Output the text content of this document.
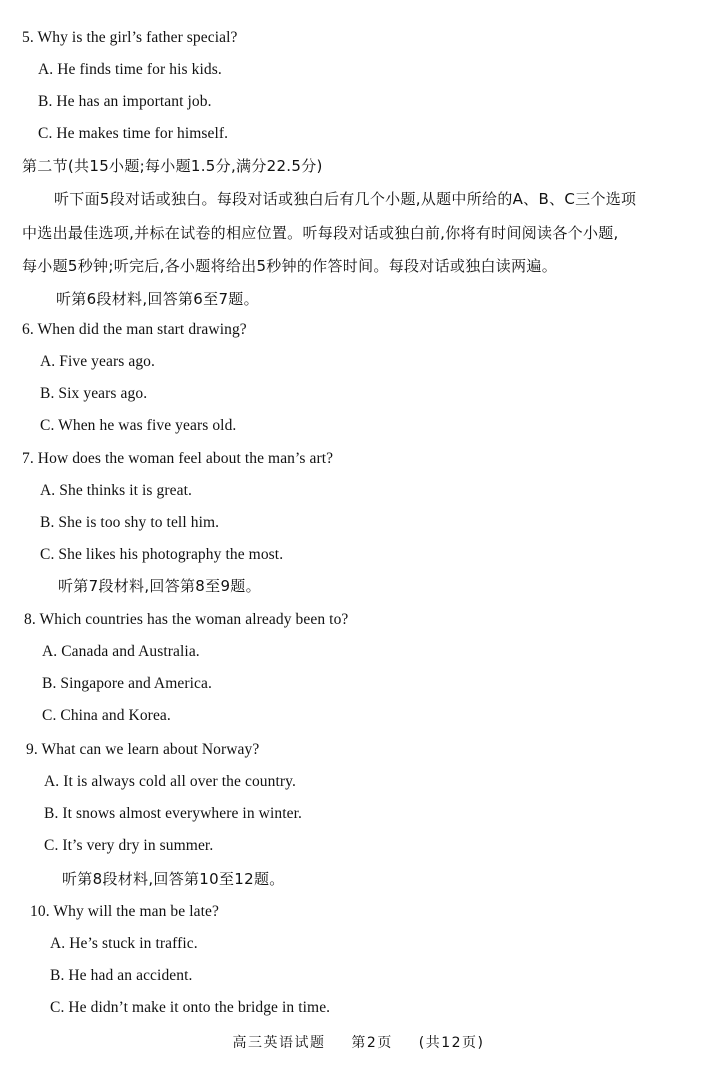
5. Why is the girl’s father special?
A. He finds time for his kids.
B. He has an important job.
C. He makes time for himself.
第二节(共15小题;每小题1.5分,满分22.5分)
听下面5段对话或独白。每段对话或独白后有几个小题,从题中所给的A、B、C三个选项
中选出最佳选项,并标在试卷的相应位置。听每段对话或独白前,你将有时间阅读各个小题,
每小题5秒钟;听完后,各小题将给出5秒钟的作答时间。每段对话或独白读两遍。
听第6段材料,回答第6至7题。
6. When did the man start drawing?
A. Five years ago.
B. Six years ago.
C. When he was five years old.
7. How does the woman feel about the man’s art?
A. She thinks it is great.
B. She is too shy to tell him.
C. She likes his photography the most.
听第7段材料,回答第8至9题。
8. Which countries has the woman already been to?
A. Canada and Australia.
B. Singapore and America.
C. China and Korea.
9. What can we learn about Norway?
A. It is always cold all over the country.
B. It snows almost everywhere in winter.
C. It’s very dry in summer.
听第8段材料,回答第10至12题。
10. Why will the man be late?
A. He’s stuck in traffic.
B. He had an accident.
C. He didn’t make it onto the bridge in time.
高三英语试题 第2页 (共12页)
